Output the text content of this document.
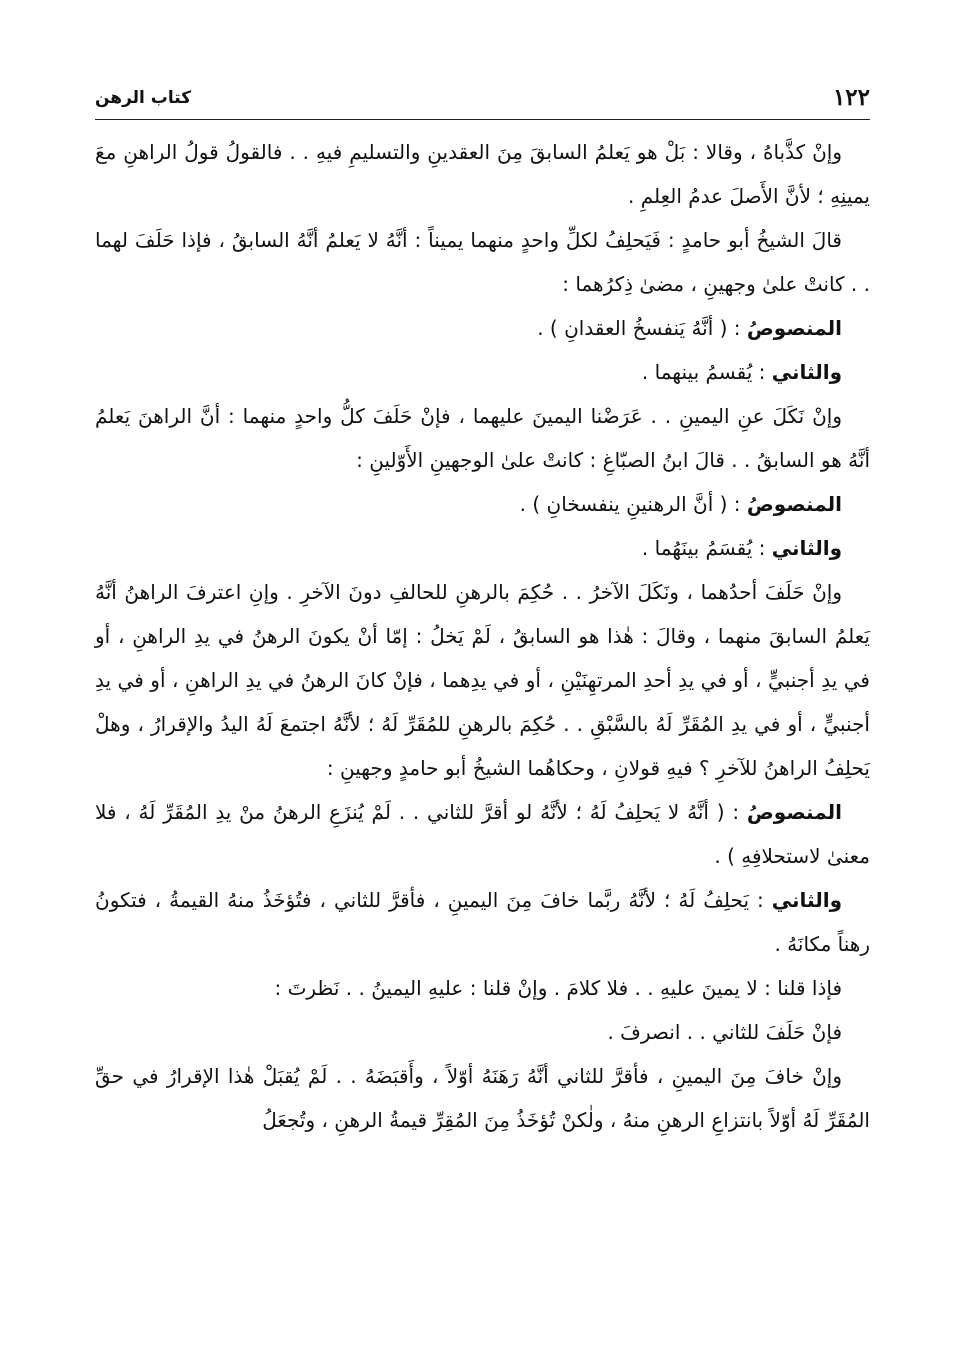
١٢٢
كتاب الرهن

وإنْ كذَّباهُ ، وقالا : بَلْ هو يَعلمُ السابقَ مِنَ العقدينِ والتسليمِ فيهِ . . فالقولُ قولُ الراهنِ معَ يمينِهِ ؛ لأنَّ الأَصلَ عدمُ العِلمِ .

قالَ الشيخُ أبو حامدٍ : فَيَحلِفُ لكلِّ واحدٍ منهما يميناً : أنَّهُ لا يَعلمُ أنَّهُ السابقُ ، فإذا حَلَفَ لهما . . كانتْ علىٰ وجهينِ ، مضىٰ ذِكرُهما :

المنصوصُ : ( أنَّهُ يَنفسخُ العقدانِ ) .

والثاني : يُقسمُ بينهما .

وإنْ نَكَلَ عنِ اليمينِ . . عَرَضْنا اليمينَ عليهما ، فإنْ حَلَفَ كلُّ واحدٍ منهما : أنَّ الراهنَ يَعلمُ أنَّهُ هو السابقُ . . قالَ ابنُ الصبّاغِ : كانتْ علىٰ الوجهينِ الأَوّلينِ :

المنصوصُ : ( أنَّ الرهنينِ ينفسخانِ ) .

والثاني : يُقسَمُ بينَهُما .

وإنْ حَلَفَ أحدُهما ، ونَكَلَ الآخرُ . . حُكِمَ بالرهنِ للحالفِ دونَ الآخرِ . وإنِ اعترفَ الراهنُ أنَّهُ يَعلمُ السابقَ منهما ، وقالَ : هٰذا هو السابقُ ، لَمْ يَخلُ : إمّا أنْ يكونَ الرهنُ في يدِ الراهنِ ، أو في يدِ أجنبيٍّ ، أو في يدِ أحدِ المرتهِنَيْنِ ، أو في يدِهما ، فإنْ كانَ الرهنُ في يدِ الراهنِ ، أو في يدِ أجنبيٍّ ، أو في يدِ المُقَرِّ لَهُ بالسَّبْقِ . . حُكِمَ بالرهنِ للمُقَرِّ لَهُ ؛ لأنَّهُ اجتمعَ لَهُ اليدُ والإقرارُ ، وهلْ يَحلِفُ الراهنُ للآخرِ ؟ فيهِ قولانِ ، وحكاهُما الشيخُ أبو حامدٍ وجهينِ :

المنصوصُ : ( أنَّهُ لا يَحلِفُ لَهُ ؛ لأنَّهُ لو أقرَّ للثاني . . لَمْ يُنزَعِ الرهنُ منْ يدِ المُقَرِّ لَهُ ، فلا معنىٰ لاستحلافِهِ ) .

والثاني : يَحلِفُ لَهُ ؛ لأنَّهُ ربَّما خافَ مِنَ اليمينِ ، فأقرَّ للثاني ، فتُؤخَذُ منهُ القيمةُ ، فتكونُ رهناً مكانَهُ .

فإذا قلنا : لا يمينَ عليهِ . . فلا كلامَ . وإنْ قلنا : عليهِ اليمينُ . . نَظرتَ :

فإنْ حَلَفَ للثاني . . انصرفَ .

وإنْ خافَ مِنَ اليمينِ ، فأقرَّ للثاني أنَّهُ رَهَنَهُ أوّلاً ، وأَقبَضَهُ . . لَمْ يُقبَلْ هٰذا الإقرارُ في حقِّ المُقَرِّ لَهُ أوّلاً بانتزاعِ الرهنِ منهُ ، ولٰكنْ تُؤخَذُ مِنَ المُقِرِّ قيمةُ الرهنِ ، وتُجعَلُ
